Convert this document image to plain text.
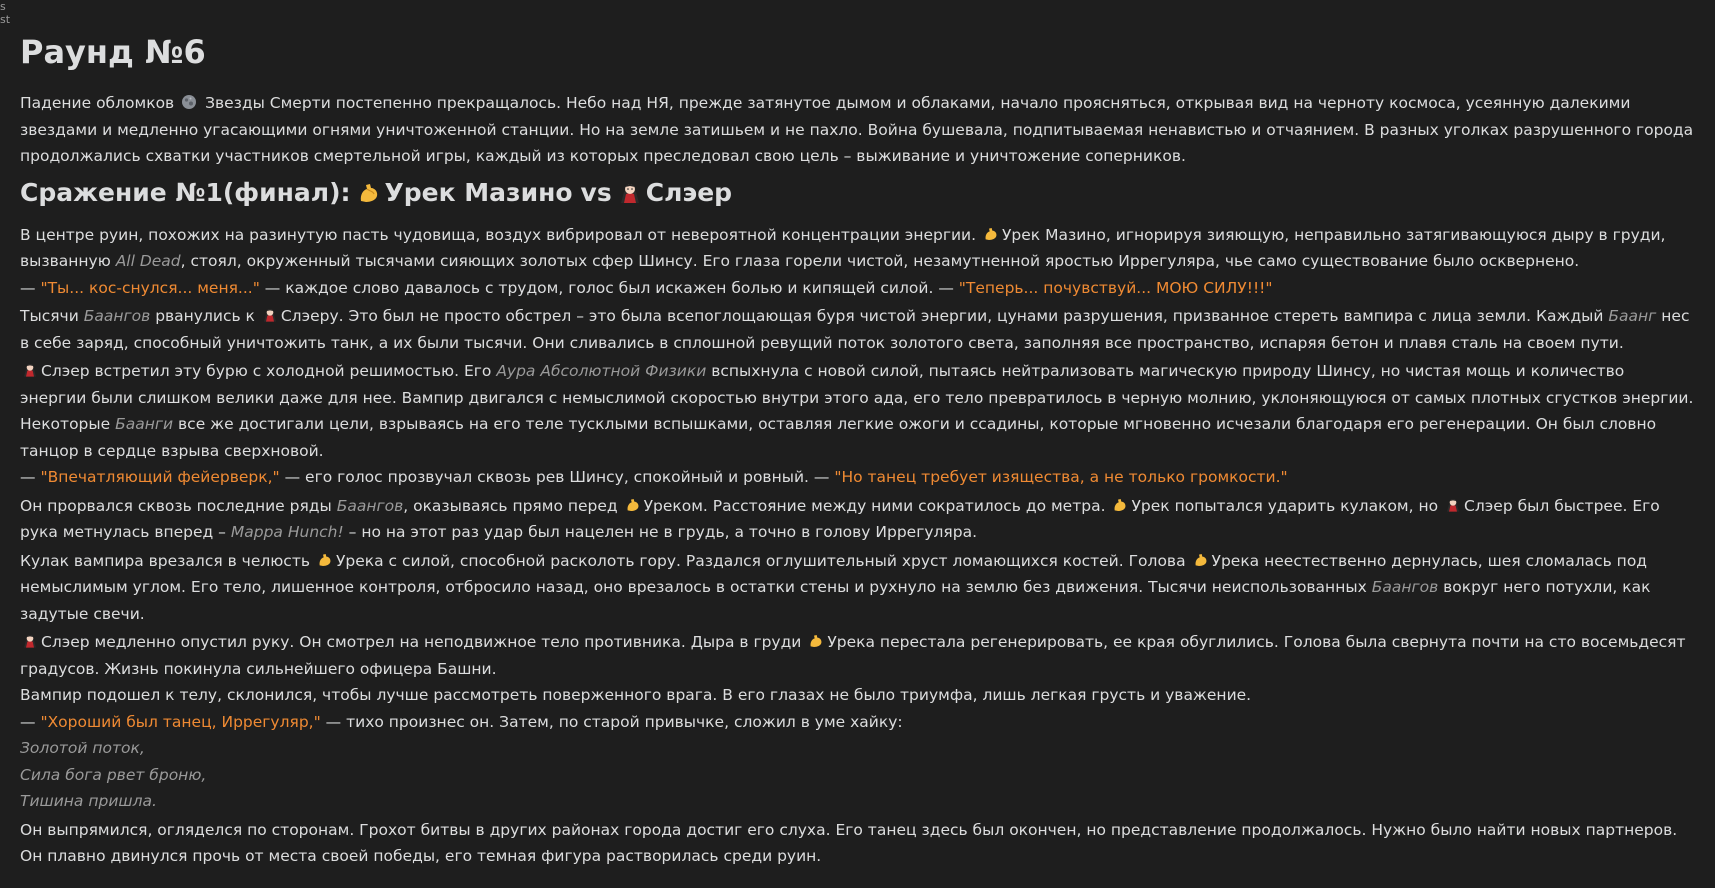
s st
Раунд №6

Падение обломков Звезды Смерти постепенно прекращалось. Небо над НЯ, прежде затянутое дымом и облаками, начало проясняться, открывая вид на черноту космоса, усеянную далекими звездами и медленно угасающими огнями уничтоженной станции. Но на земле затишьем и не пахло. Война бушевала, подпитываемая ненавистью и отчаянием. В разных уголках разрушенного города продолжались схватки участников смертельной игры, каждый из которых преследовал свою цель – выживание и уничтожение соперников.

Сражение №1(финал): Урек Мазино vs Слэер

В центре руин, похожих на разинутую пасть чудовища, воздух вибрировал от невероятной концентрации энергии. Урек Мазино, игнорируя зияющую, неправильно затягивающуюся дыру в груди, вызванную All Dead, стоял, окруженный тысячами сияющих золотых сфер Шинсу. Его глаза горели чистой, незамутненной яростью Иррегуляра, чье само существование было осквернено.

— "Ты... кос-снулся... меня..." — каждое слово давалось с трудом, голос был искажен болью и кипящей силой. — "Теперь... почувствуй... МОЮ СИЛУ!!!"

Тысячи Баангов рванулись к Слэеру. Это был не просто обстрел – это была всепоглощающая буря чистой энергии, цунами разрушения, призванное стереть вампира с лица земли. Каждый Баанг нес в себе заряд, способный уничтожить танк, а их были тысячи. Они сливались в сплошной ревущий поток золотого света, заполняя все пространство, испаряя бетон и плавя сталь на своем пути.

Слэер встретил эту бурю с холодной решимостью. Его Аура Абсолютной Физики вспыхнула с новой силой, пытаясь нейтрализовать магическую природу Шинсу, но чистая мощь и количество энергии были слишком велики даже для нее. Вампир двигался с немыслимой скоростью внутри этого ада, его тело превратилось в черную молнию, уклоняющуюся от самых плотных сгустков энергии. Некоторые Баанги все же достигали цели, взрываясь на его теле тусклыми вспышками, оставляя легкие ожоги и ссадины, которые мгновенно исчезали благодаря его регенерации. Он был словно танцор в сердце взрыва сверхновой.

— "Впечатляющий фейерверк," — его голос прозвучал сквозь рев Шинсу, спокойный и ровный. — "Но танец требует изящества, а не только громкости."

Он прорвался сквозь последние ряды Баангов, оказываясь прямо перед Уреком. Расстояние между ними сократилось до метра. Урек попытался ударить кулаком, но Слэер был быстрее. Его рука метнулась вперед – Mappa Hunch! – но на этот раз удар был нацелен не в грудь, а точно в голову Иррегуляра.

Кулак вампира врезался в челюсть Урека с силой, способной расколоть гору. Раздался оглушительный хруст ломающихся костей. Голова Урека неестественно дернулась, шея сломалась под немыслимым углом. Его тело, лишенное контроля, отбросило назад, оно врезалось в остатки стены и рухнуло на землю без движения. Тысячи неиспользованных Баангов вокруг него потухли, как задутые свечи.

Слэер медленно опустил руку. Он смотрел на неподвижное тело противника. Дыра в груди Урека перестала регенерировать, ее края обуглились. Голова была свернута почти на сто восемьдесят градусов. Жизнь покинула сильнейшего офицера Башни.

Вампир подошел к телу, склонился, чтобы лучше рассмотреть поверженного врага. В его глазах не было триумфа, лишь легкая грусть и уважение.

— "Хороший был танец, Иррегуляр," — тихо произнес он. Затем, по старой привычке, сложил в уме хайку:

Золотой поток,

Сила бога рвет броню,

Тишина пришла.

Он выпрямился, огляделся по сторонам. Грохот битвы в других районах города достиг его слуха. Его танец здесь был окончен, но представление продолжалось. Нужно было найти новых партнеров. Он плавно двинулся прочь от места своей победы, его темная фигура растворилась среди руин.
